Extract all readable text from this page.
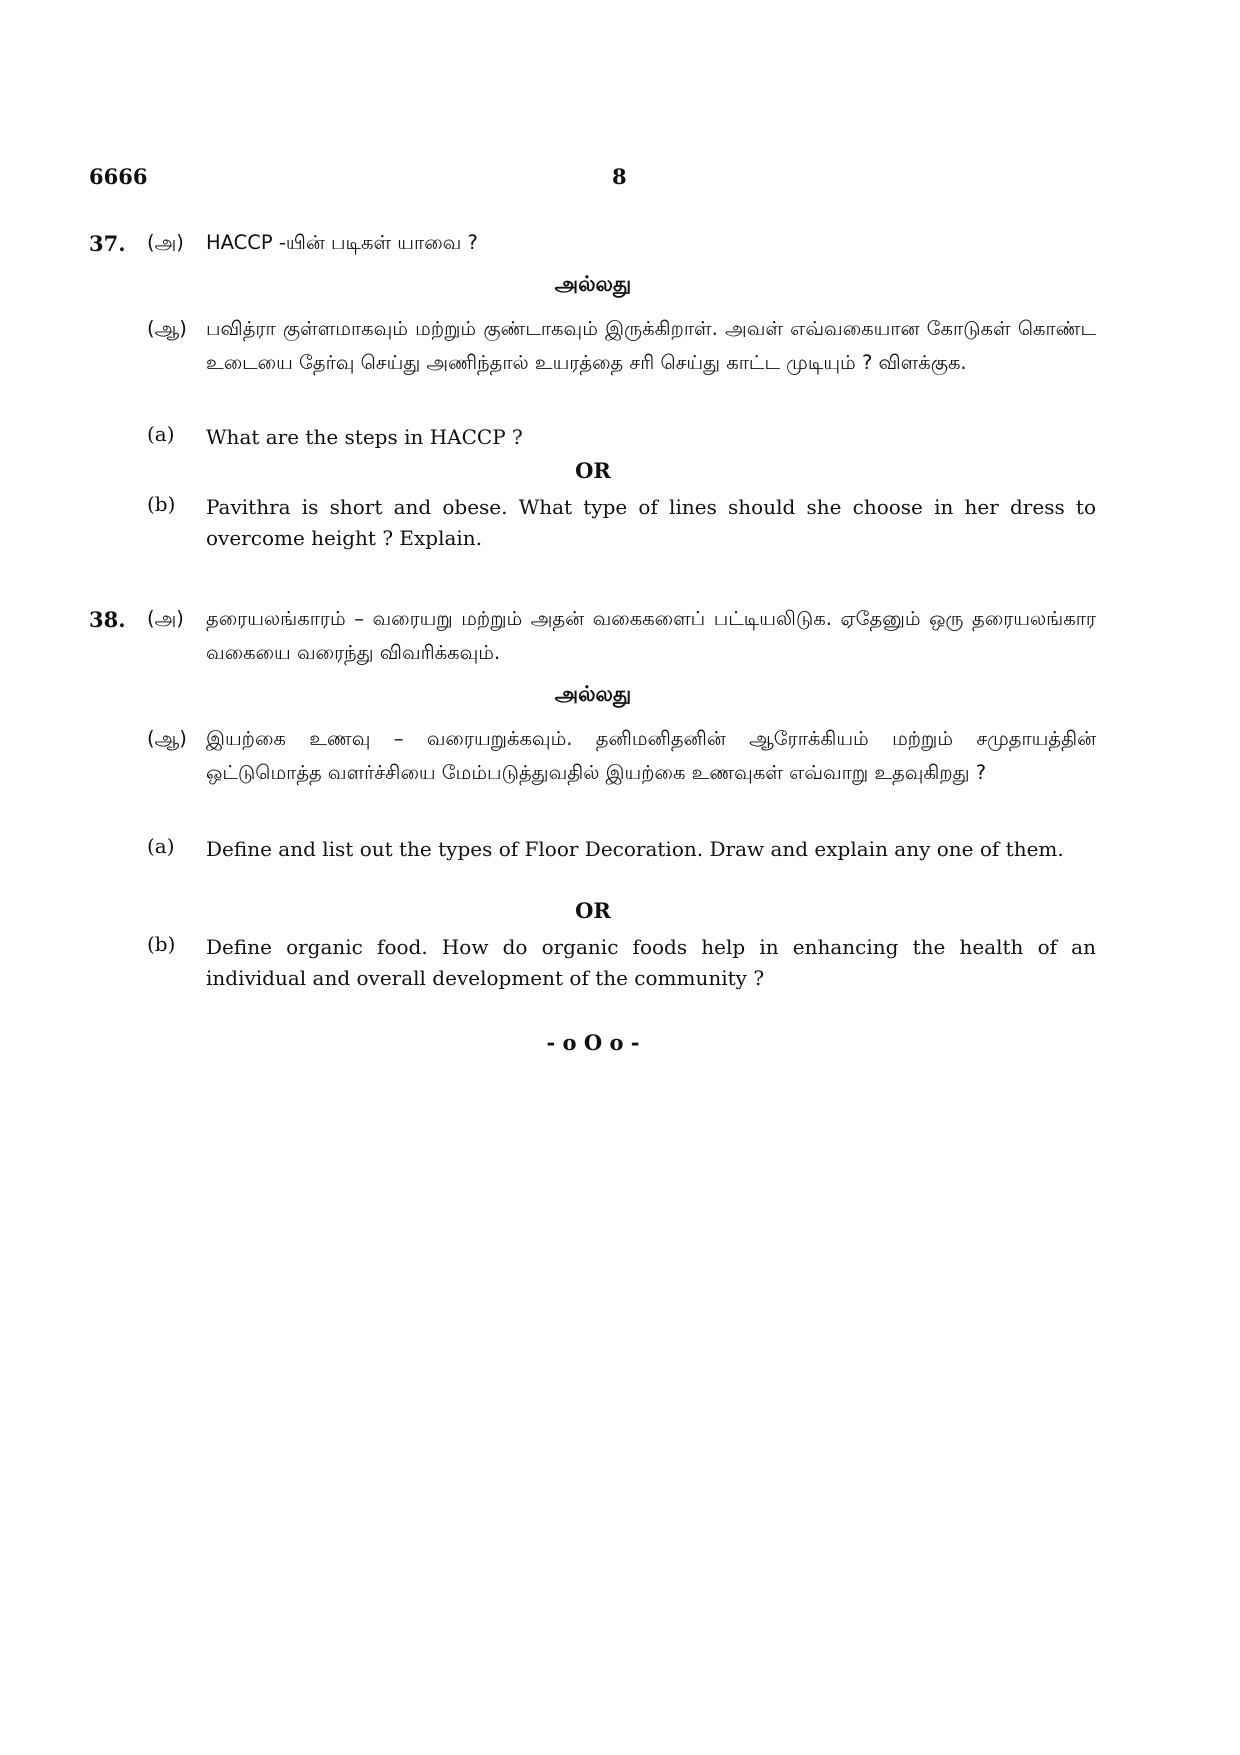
6666	8
37. (அ) HACCP -யின் படிகள் யாவை ?
அல்லது
(ஆ) பவித்ரா குள்ளமாகவும் மற்றும் குண்டாகவும் இருக்கிறாள். அவள் எவ்வகையான கோடுகள் கொண்ட உடையை தேர்வு செய்து அணிந்தால் உயரத்தை சரி செய்து காட்ட முடியும் ? விளக்குக.
(a) What are the steps in HACCP ?
OR
(b) Pavithra is short and obese. What type of lines should she choose in her dress to overcome height ? Explain.
38. (அ) தரையலங்காரம் – வரையறு மற்றும் அதன் வகைகளைப் பட்டியலிடுக. ஏதேனும் ஒரு தரையலங்கார வகையை வரைந்து விவரிக்கவும்.
அல்லது
(ஆ) இயற்கை உணவு – வரையறுக்கவும். தனிமனிதனின் ஆரோக்கியம் மற்றும் சமுதாயத்தின் ஒட்டுமொத்த வளர்ச்சியை மேம்படுத்துவதில் இயற்கை உணவுகள் எவ்வாறு உதவுகிறது ?
(a) Define and list out the types of Floor Decoration. Draw and explain any one of them.
OR
(b) Define organic food. How do organic foods help in enhancing the health of an individual and overall development of the community ?
- o O o -
